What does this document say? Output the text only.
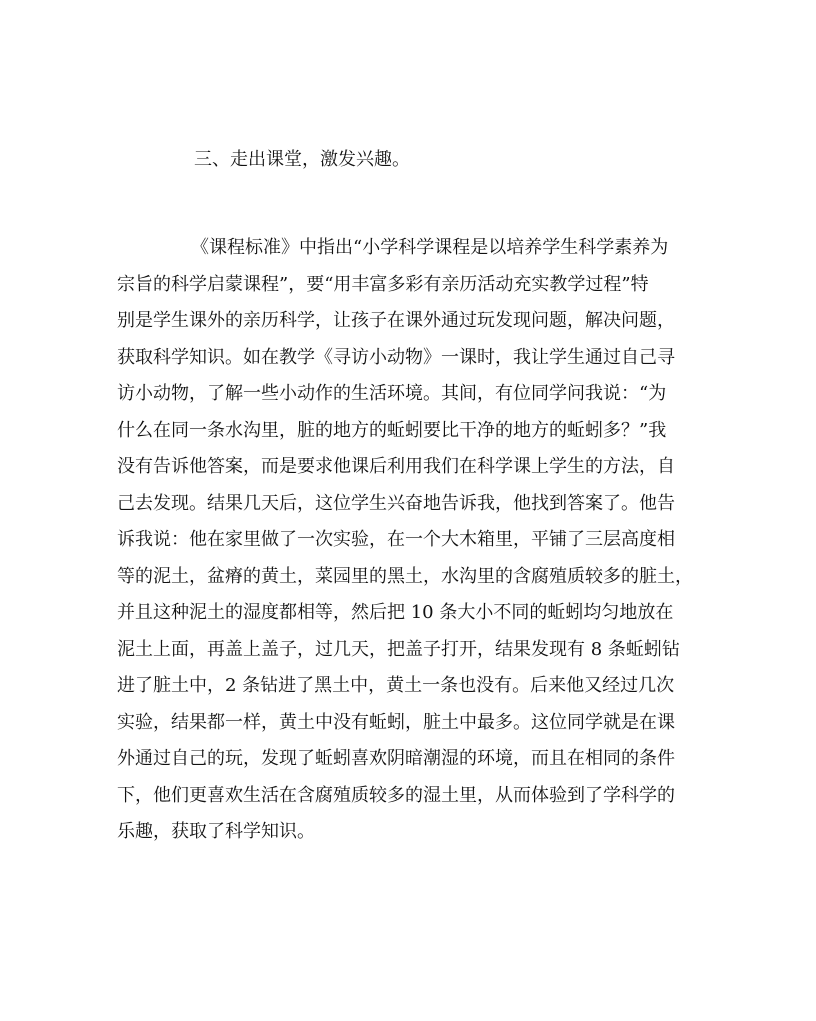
三、走出课堂，激发兴趣。
《课程标准》中指出“小学科学课程是以培养学生科学素养为
宗旨的科学启蒙课程”，要“用丰富多彩有亲历活动充实教学过程”特
别是学生课外的亲历科学，让孩子在课外通过玩发现问题，解决问题，
获取科学知识。如在教学《寻访小动物》一课时，我让学生通过自己寻
访小动物，了解一些小动作的生活环境。其间，有位同学问我说：“为
什么在同一条水沟里，脏的地方的蚯蚓要比干净的地方的蚯蚓多？”我
没有告诉他答案，而是要求他课后利用我们在科学课上学生的方法，自
己去发现。结果几天后，这位学生兴奋地告诉我，他找到答案了。他告
诉我说：他在家里做了一次实验，在一个大木箱里，平铺了三层高度相
等的泥土，盆瘠的黄土，菜园里的黑土，水沟里的含腐殖质较多的脏土，
并且这种泥土的湿度都相等，然后把 10 条大小不同的蚯蚓均匀地放在
泥土上面，再盖上盖子，过几天，把盖子打开，结果发现有 8 条蚯蚓钻
进了脏土中，2 条钻进了黑土中，黄土一条也没有。后来他又经过几次
实验，结果都一样，黄土中没有蚯蚓，脏土中最多。这位同学就是在课
外通过自己的玩，发现了蚯蚓喜欢阴暗潮湿的环境，而且在相同的条件
下，他们更喜欢生活在含腐殖质较多的湿土里，从而体验到了学科学的
乐趣，获取了科学知识。
